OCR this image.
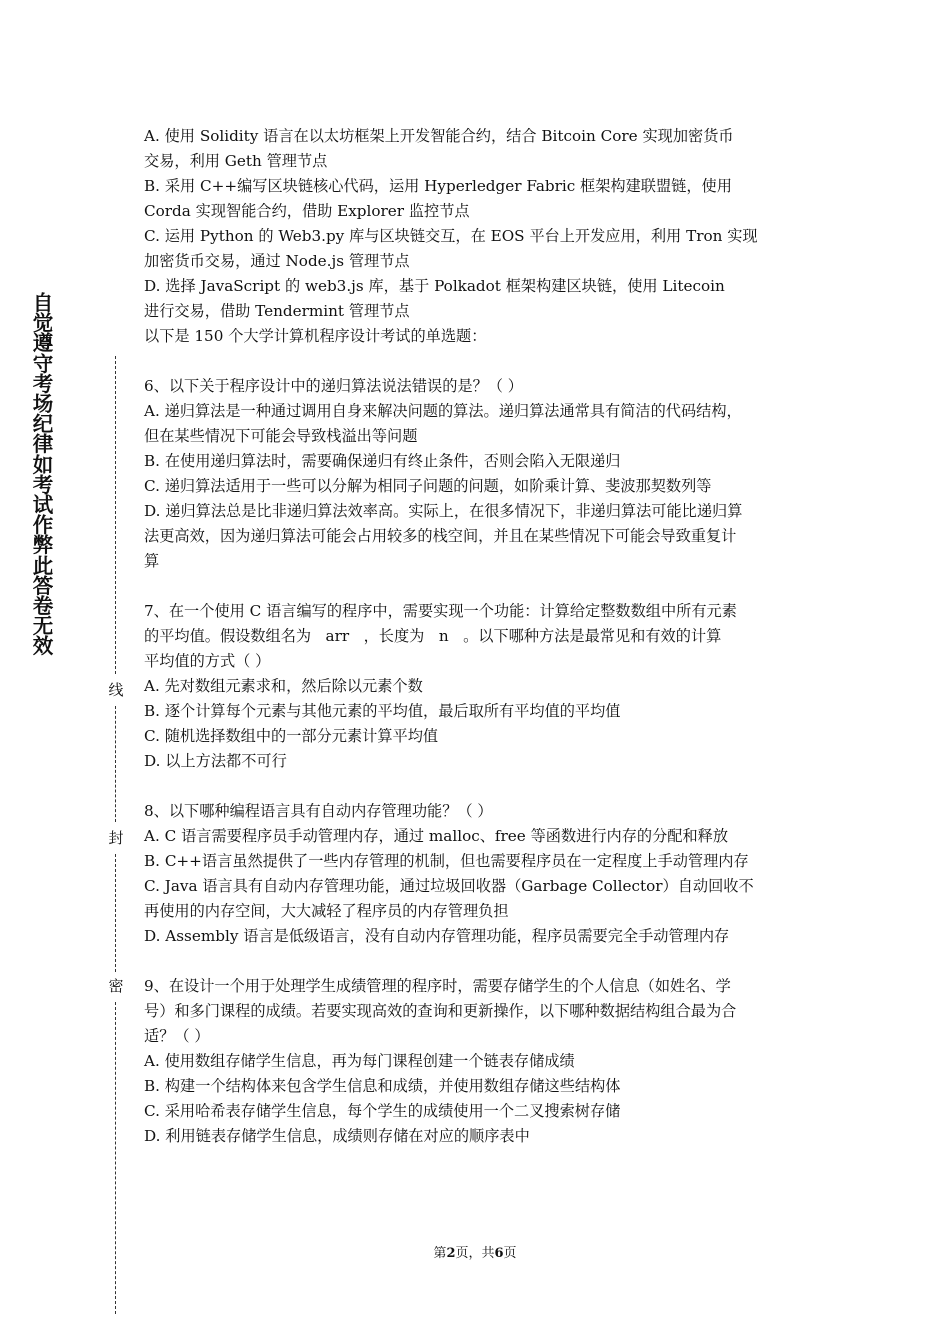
自觉遵守考场纪律如考试作弊此答卷无效
线
封
密
A. 使用 Solidity 语言在以太坊框架上开发智能合约，结合 Bitcoin Core 实现加密货币
交易，利用 Geth 管理节点
B. 采用 C++编写区块链核心代码，运用 Hyperledger Fabric 框架构建联盟链，使用
Corda 实现智能合约，借助 Explorer 监控节点
C. 运用 Python 的 Web3.py 库与区块链交互，在 EOS 平台上开发应用，利用 Tron 实现
加密货币交易，通过 Node.js 管理节点
D. 选择 JavaScript 的 web3.js 库，基于 Polkadot 框架构建区块链，使用 Litecoin
进行交易，借助 Tendermint 管理节点
以下是 150 个大学计算机程序设计考试的单选题：
6、以下关于程序设计中的递归算法说法错误的是？（ ）
A. 递归算法是一种通过调用自身来解决问题的算法。递归算法通常具有简洁的代码结构，
但在某些情况下可能会导致栈溢出等问题
B. 在使用递归算法时，需要确保递归有终止条件，否则会陷入无限递归
C. 递归算法适用于一些可以分解为相同子问题的问题，如阶乘计算、斐波那契数列等
D. 递归算法总是比非递归算法效率高。实际上，在很多情况下，非递归算法可能比递归算
法更高效，因为递归算法可能会占用较多的栈空间，并且在某些情况下可能会导致重复计
算
7、在一个使用 C 语言编写的程序中，需要实现一个功能：计算给定整数数组中所有元素
的平均值。假设数组名为   arr   ，长度为   n   。以下哪种方法是最常见和有效的计算
平均值的方式（ ）
A. 先对数组元素求和，然后除以元素个数
B. 逐个计算每个元素与其他元素的平均值，最后取所有平均值的平均值
C. 随机选择数组中的一部分元素计算平均值
D. 以上方法都不可行
8、以下哪种编程语言具有自动内存管理功能？（ ）
A. C 语言需要程序员手动管理内存，通过 malloc、free 等函数进行内存的分配和释放
B. C++语言虽然提供了一些内存管理的机制，但也需要程序员在一定程度上手动管理内存
C. Java 语言具有自动内存管理功能，通过垃圾回收器（Garbage Collector）自动回收不
再使用的内存空间，大大减轻了程序员的内存管理负担
D. Assembly 语言是低级语言，没有自动内存管理功能，程序员需要完全手动管理内存
9、在设计一个用于处理学生成绩管理的程序时，需要存储学生的个人信息（如姓名、学
号）和多门课程的成绩。若要实现高效的查询和更新操作，以下哪种数据结构组合最为合
适？（ ）
A. 使用数组存储学生信息，再为每门课程创建一个链表存储成绩
B. 构建一个结构体来包含学生信息和成绩，并使用数组存储这些结构体
C. 采用哈希表存储学生信息，每个学生的成绩使用一个二叉搜索树存储
D. 利用链表存储学生信息，成绩则存储在对应的顺序表中
第2页，共6页
